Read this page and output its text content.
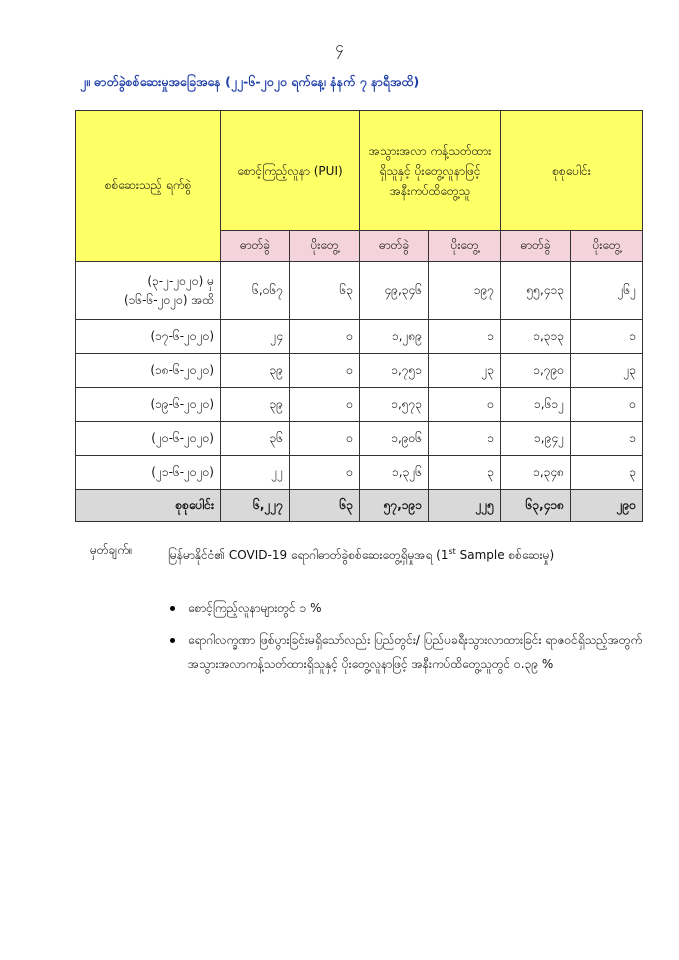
၄
၂။ ဓာတ်ခွဲစစ်ဆေးမှုအခြေအနေ (၂၂-၆-၂၀၂၀ ရက်နေ့၊ နံနက် ၇ နာရီအထိ)
စစ်ဆေးသည့် ရက်စွဲ	စောင့်ကြည့်လူနာ (PUI)		အသွားအလာ ကန့်သတ်ထားရှိသူနှင့် ပိုးတွေ့လူနာဖြင့် အနီးကပ်ထိတွေ့သူ		စုစုပေါင်း	
	ဓာတ်ခွဲ	ပိုးတွေ့	ဓာတ်ခွဲ	ပိုးတွေ့	ဓာတ်ခွဲ	ပိုးတွေ့
(၃-၂-၂၀၂၀) မှ (၁၆-၆-၂၀၂၀) အထိ	၆,၀၆၇	၆၃	၄၉,၃၄၆	၁၉၇	၅၅,၄၁၃	၂၆၂
(၁၇-၆-၂၀၂၀)	၂၄	၀	၁,၂၈၉	၁	၁,၃၁၃	၁
(၁၈-၆-၂၀၂၀)	၃၉	၀	၁,၇၅၁	၂၃	၁,၇၉၀	၂၃
(၁၉-၆-၂၀၂၀)	၃၉	၀	၁,၅၇၃	၀	၁,၆၁၂	၀
(၂၀-၆-၂၀၂၀)	၃၆	၀	၁,၉၀၆	၁	၁,၉၄၂	၁
(၂၁-၆-၂၀၂၀)	၂၂	၀	၁,၃၂၆	၃	၁,၃၄၈	၃
စုစုပေါင်း	၆,၂၂၇	၆၃	၅၇,၁၉၁	၂၂၅	၆၃,၄၁၈	၂၉၀
မှတ်ချက်။	မြန်မာနိုင်ငံ၏ COVID-19 ရောဂါဓာတ်ခွဲစစ်ဆေးတွေ့ရှိမှုအရ (1st Sample စစ်ဆေးမှု)
စောင့်ကြည့်လူနာများတွင် ၁ %
ရောဂါလက္ခဏာ ဖြစ်ပွားခြင်းမရှိသော်လည်း ပြည်တွင်း/ ပြည်ပခရီးသွားလာထားခြင်း ရာဇဝင်ရှိသည့်အတွက် အသွားအလာကန့်သတ်ထားရှိသူနှင့် ပိုးတွေ့လူနာဖြင့် အနီးကပ်ထိတွေ့သူတွင် ၀.၃၉ %
